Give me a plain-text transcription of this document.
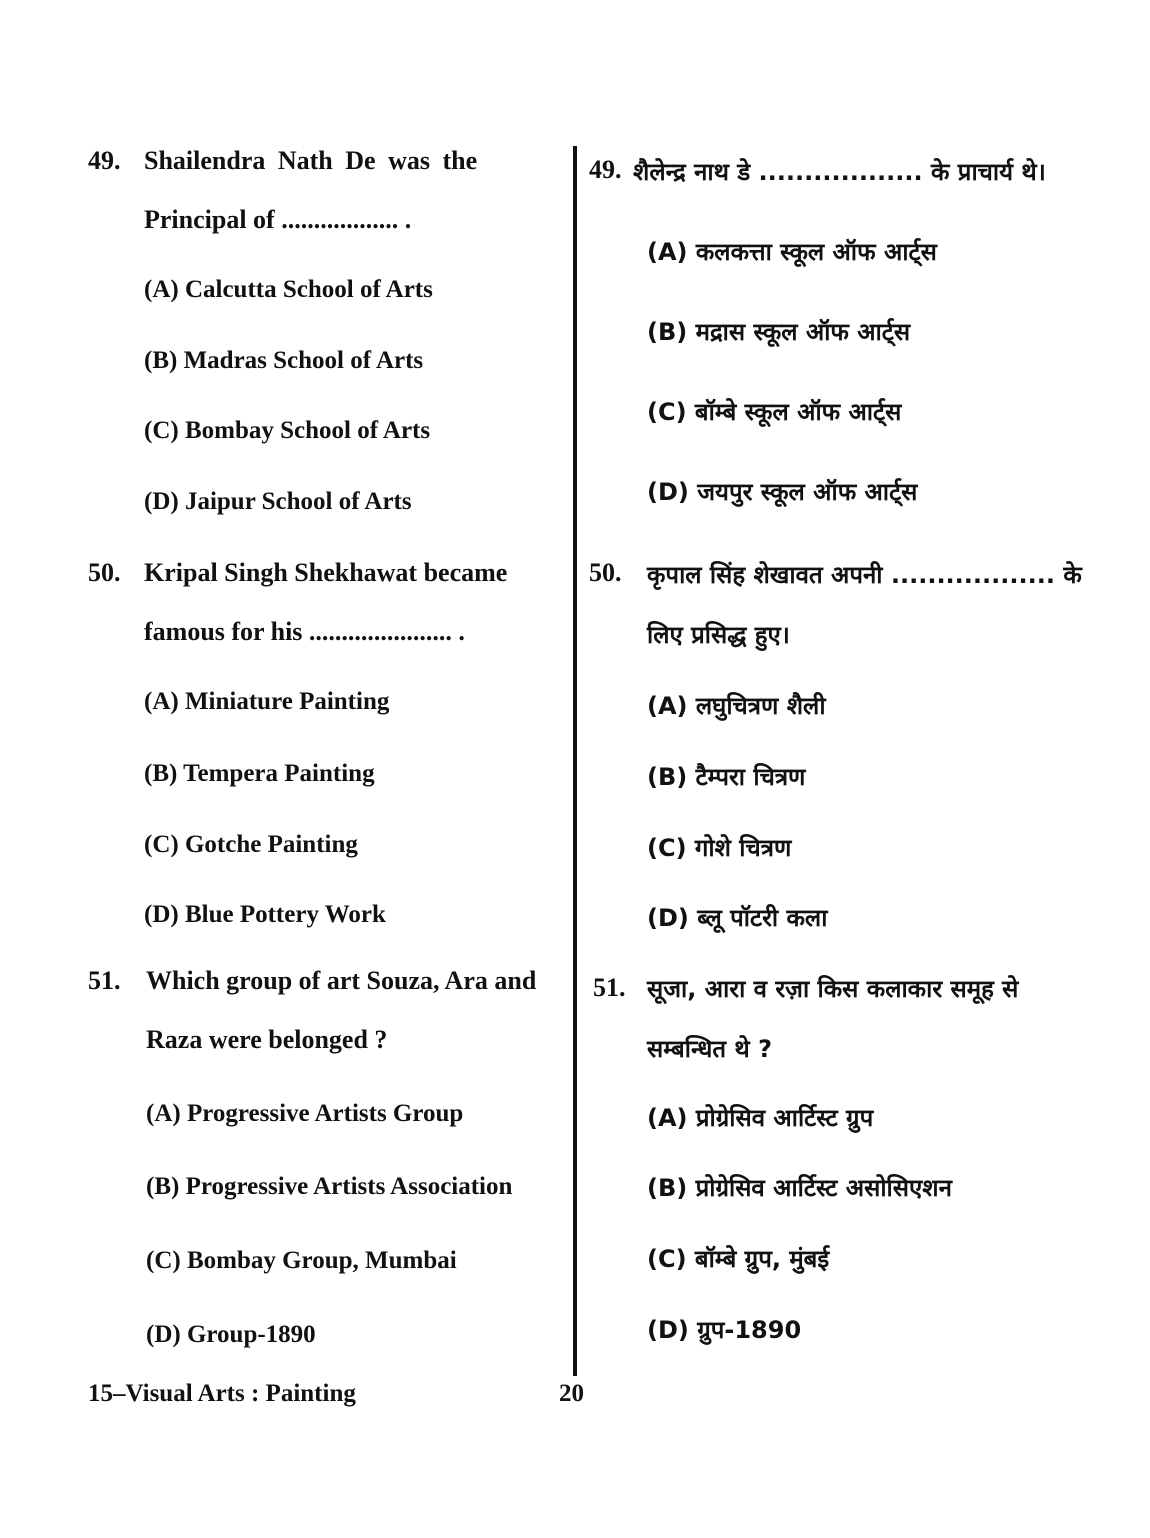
49. Shailendra Nath De was the
Principal of .................. .
(A) Calcutta School of Arts
(B) Madras School of Arts
(C) Bombay School of Arts
(D) Jaipur School of Arts
50. Kripal Singh Shekhawat became
famous for his ...................... .
(A) Miniature Painting
(B) Tempera Painting
(C) Gotche Painting
(D) Blue Pottery Work
51. Which group of art Souza, Ara and
Raza were belonged ?
(A) Progressive Artists Group
(B) Progressive Artists Association
(C) Bombay Group, Mumbai
(D) Group-1890
49. शैलेन्द्र नाथ डे .................. के प्राचार्य थे।
(A) कलकत्ता स्कूल ऑफ आर्ट्स
(B) मद्रास स्कूल ऑफ आर्ट्स
(C) बॉम्बे स्कूल ऑफ आर्ट्स
(D) जयपुर स्कूल ऑफ आर्ट्स
50. कृपाल सिंह शेखावत अपनी .................. के
लिए प्रसिद्ध हुए।
(A) लघुचित्रण शैली
(B) टैम्परा चित्रण
(C) गोशे चित्रण
(D) ब्लू पॉटरी कला
51. सूजा, आरा व रज़ा किस कलाकार समूह से
सम्बन्धित थे ?
(A) प्रोग्रेसिव आर्टिस्ट ग्रुप
(B) प्रोग्रेसिव आर्टिस्ट असोसिएशन
(C) बॉम्बे ग्रुप, मुंबई
(D) ग्रुप-1890
15–Visual Arts : Painting	20
